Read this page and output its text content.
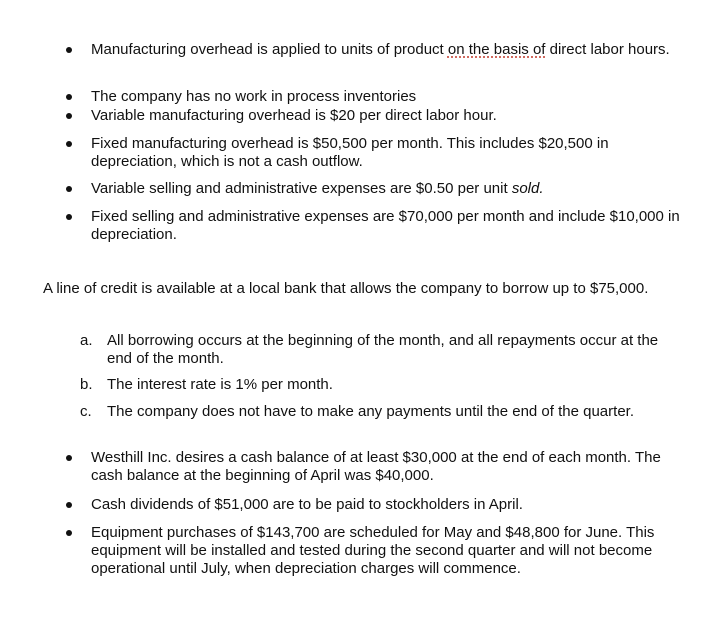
Manufacturing overhead is applied to units of product on the basis of direct labor hours.
The company has no work in process inventories
Variable manufacturing overhead is $20 per direct labor hour.
Fixed manufacturing overhead is $50,500 per month. This includes $20,500 in depreciation, which is not a cash outflow.
Variable selling and administrative expenses are $0.50 per unit sold.
Fixed selling and administrative expenses are $70,000 per month and include $10,000 in depreciation.
A line of credit is available at a local bank that allows the company to borrow up to $75,000.
a. All borrowing occurs at the beginning of the month, and all repayments occur at the end of the month.
b. The interest rate is 1% per month.
c. The company does not have to make any payments until the end of the quarter.
Westhill Inc. desires a cash balance of at least $30,000 at the end of each month. The cash balance at the beginning of April was $40,000.
Cash dividends of $51,000 are to be paid to stockholders in April.
Equipment purchases of $143,700 are scheduled for May and $48,800 for June. This equipment will be installed and tested during the second quarter and will not become operational until July, when depreciation charges will commence.
